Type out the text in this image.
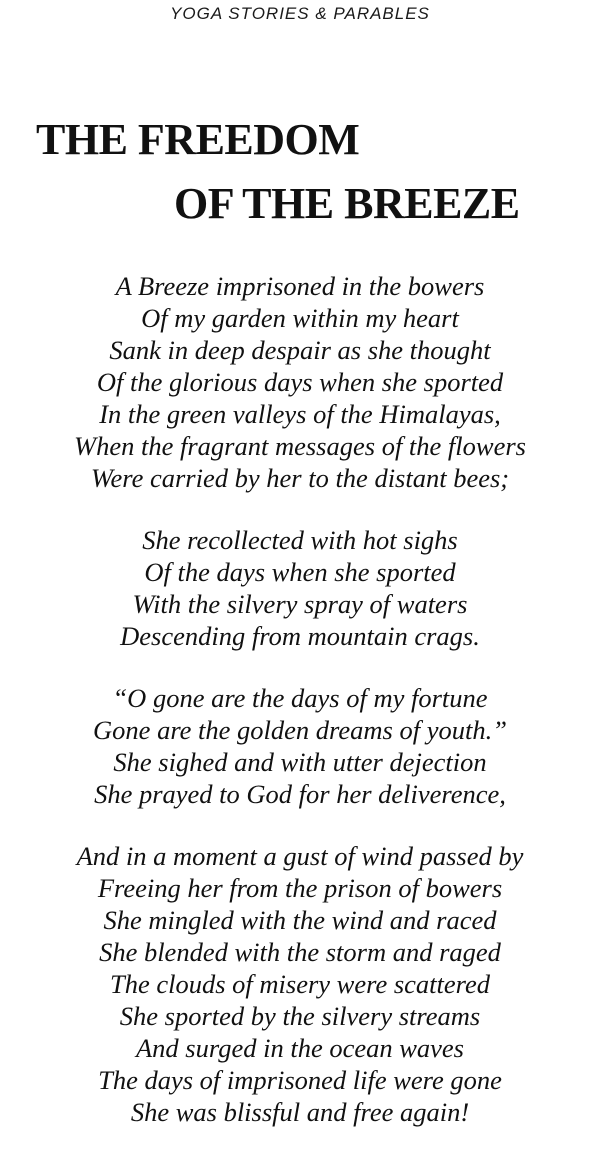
YOGA STORIES & PARABLES
THE FREEDOM
OF THE BREEZE
A Breeze imprisoned in the bowers
Of my garden within my heart
Sank in deep despair as she thought
Of the glorious days when she sported
In the green valleys of the Himalayas,
When the fragrant messages of the flowers
Were carried by her to the distant bees;
She recollected with hot sighs
Of the days when she sported
With the silvery spray of waters
Descending from mountain crags.
“O gone are the days of my fortune
Gone are the golden dreams of youth.”
She sighed and with utter dejection
She prayed to God for her deliverence,
And in a moment a gust of wind passed by
Freeing her from the prison of bowers
She mingled with the wind and raced
She blended with the storm and raged
The clouds of misery were scattered
She sported by the silvery streams
And surged in the ocean waves
The days of imprisoned life were gone
She was blissful and free again!
